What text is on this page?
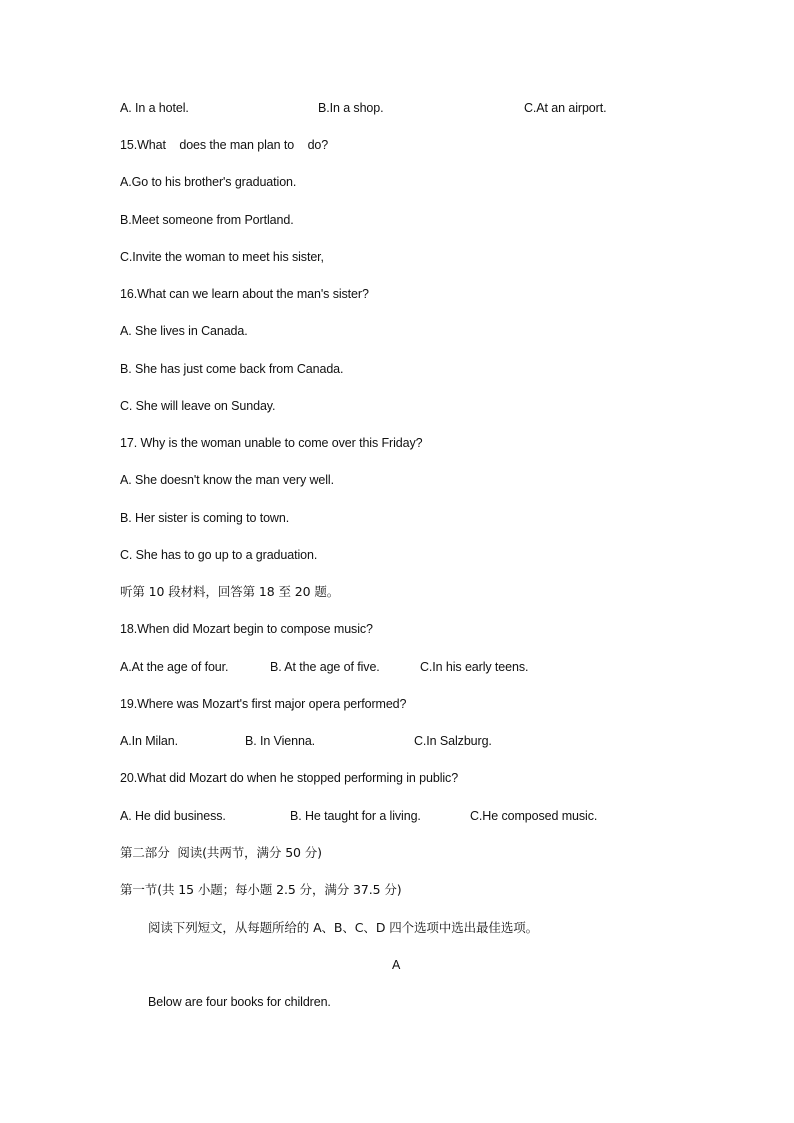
A. In a hotel.	B.In a shop.	C.At an airport.
15.What    does the man plan to    do?
A.Go to his brother's graduation.
B.Meet someone from Portland.
C.Invite the woman to meet his sister,
16.What can we learn about the man's sister?
A. She lives in Canada.
B. She has just come back from Canada.
C. She will leave on Sunday.
17. Why is the woman unable to come over this Friday?
A. She doesn't know the man very well.
B. Her sister is coming to town.
C. She has to go up to a graduation.
听第 10 段材料，回答第 18 至 20 题。
18.When did Mozart begin to compose music?
A.At the age of four.	B. At the age of five.	C.In his early teens.
19.Where was Mozart's first major opera performed?
A.In Milan.	B. In Vienna.	C.In Salzburg.
20.What did Mozart do when he stopped performing in public?
A. He did business.	B. He taught for a living.	C.He composed music.
第二部分  阅读(共两节，满分 50 分)
第一节(共 15 小题；每小题 2.5 分，满分 37.5 分)
阅读下列短文，从每题所给的 A、B、C、D 四个选项中选出最佳选项。
A
Below are four books for children.
